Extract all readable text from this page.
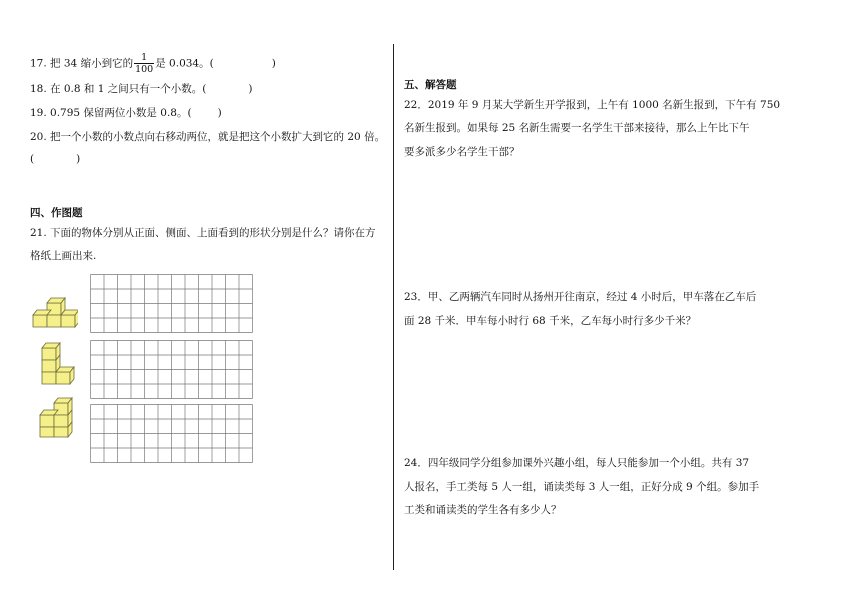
17. 把 34 缩小到它的 $\frac{1}{100}$ 是 0.034。(	)
18. 在 0.8 和 1 之间只有一个小数。(	)
19. 0.795 保留两位小数是 0.8。( )
20. 把一个小数的小数点向右移动两位，就是把这个小数扩大到它的 20 倍。
(	)
四、作图题
21. 下面的物体分别从正面、侧面、上面看到的形状分别是什么？请你在方
格纸上画出来.
五、解答题
22．2019 年 9 月某大学新生开学报到，上午有 1000 名新生报到，下午有 750
名新生报到。如果每 25 名新生需要一名学生干部来接待，那么上午比下午
要多派多少名学生干部？
23．甲、乙两辆汽车同时从扬州开往南京，经过 4 小时后，甲车落在乙车后
面 28 千米．甲车每小时行 68 千米，乙车每小时行多少千米？
24．四年级同学分组参加课外兴趣小组，每人只能参加一个小组。共有 37
人报名，手工类每 5 人一组，诵读类每 3 人一组，正好分成 9 个组。参加手
工类和诵读类的学生各有多少人？
